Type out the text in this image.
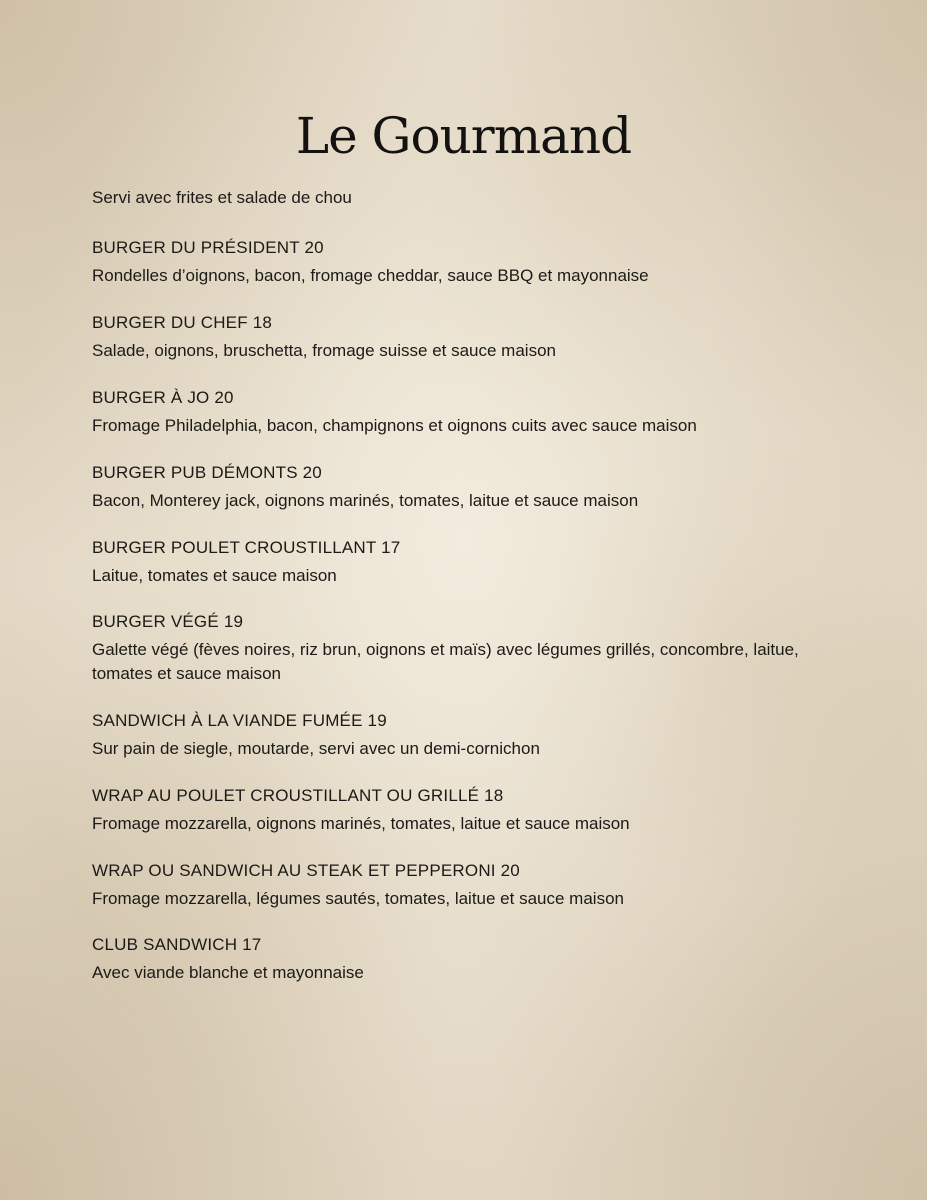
Le Gourmand

Servi avec frites et salade de chou

BURGER DU PRÉSIDENT 20
Rondelles d’oignons, bacon, fromage cheddar, sauce BBQ et mayonnaise
BURGER DU CHEF 18
Salade, oignons, bruschetta, fromage suisse et sauce maison
BURGER À JO 20
Fromage Philadelphia, bacon, champignons et oignons cuits avec sauce maison
BURGER PUB DÉMONTS 20
Bacon, Monterey jack, oignons marinés, tomates, laitue et sauce maison
BURGER POULET CROUSTILLANT 17
Laitue, tomates et sauce maison
BURGER VÉGÉ 19
Galette végé (fèves noires, riz brun, oignons et maïs) avec légumes grillés, concombre, laitue, tomates et sauce maison
SANDWICH À LA VIANDE FUMÉE 19
Sur pain de siegle, moutarde, servi avec un demi-cornichon
WRAP AU POULET CROUSTILLANT OU GRILLÉ 18
Fromage mozzarella, oignons marinés, tomates, laitue et sauce maison
WRAP OU SANDWICH AU STEAK ET PEPPERONI 20
Fromage mozzarella, légumes sautés, tomates, laitue et sauce maison
CLUB SANDWICH 17
Avec viande blanche et mayonnaise
